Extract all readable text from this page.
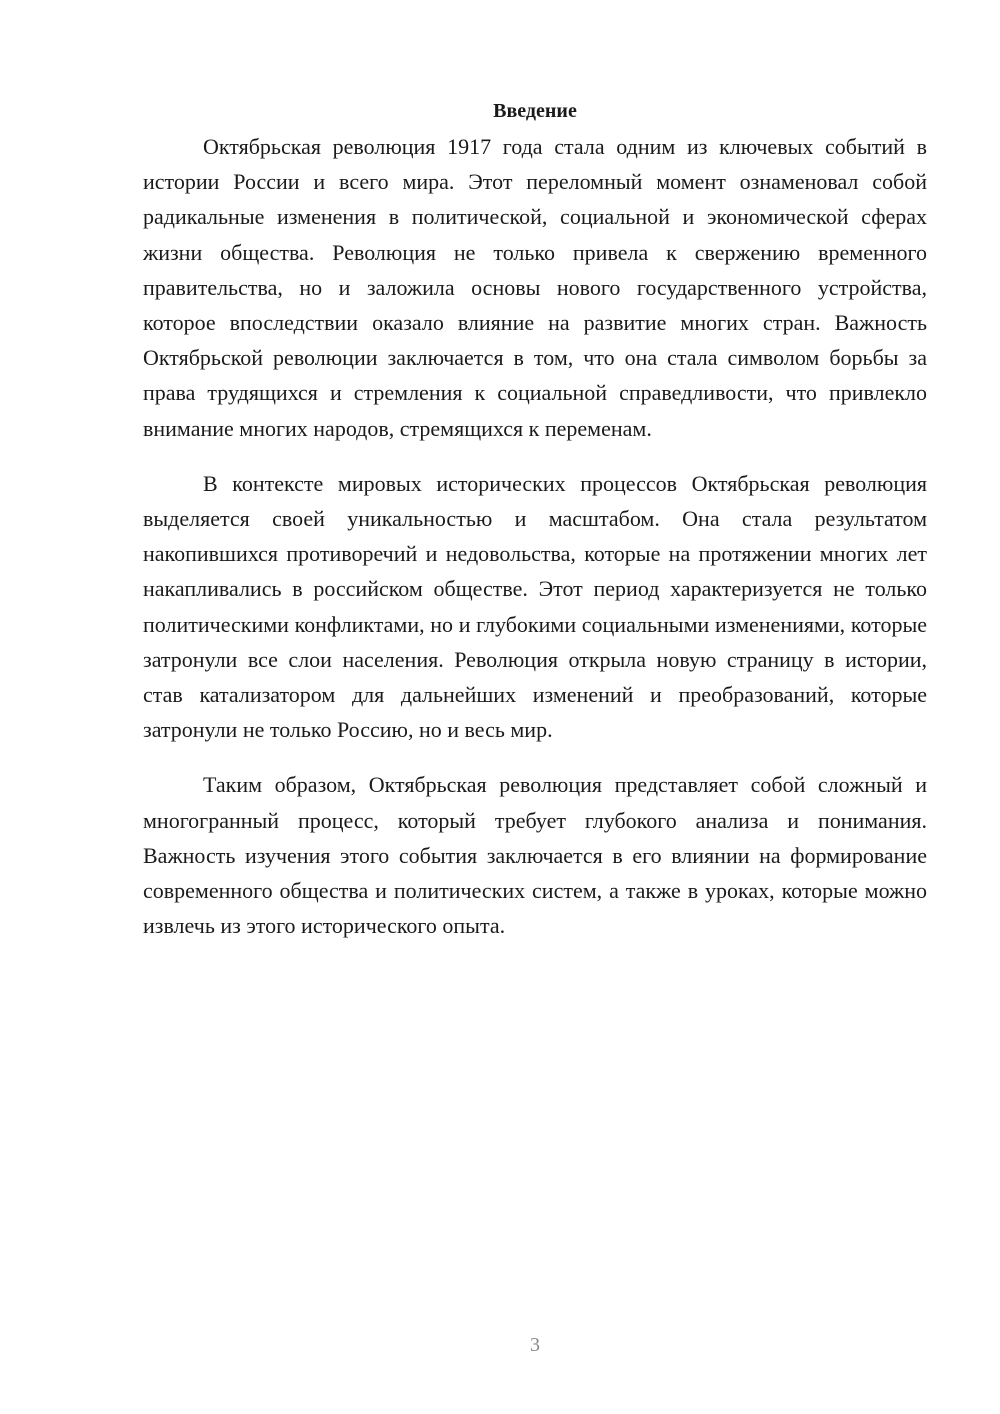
Введение

Октябрьская революция 1917 года стала одним из ключевых событий в истории России и всего мира. Этот переломный момент ознаменовал собой радикальные изменения в политической, социальной и экономической сферах жизни общества. Революция не только привела к свержению временного правительства, но и заложила основы нового государственного устройства, которое впоследствии оказало влияние на развитие многих стран. Важность Октябрьской революции заключается в том, что она стала символом борьбы за права трудящихся и стремления к социальной справедливости, что привлекло внимание многих народов, стремящихся к переменам.

В контексте мировых исторических процессов Октябрьская революция выделяется своей уникальностью и масштабом. Она стала результатом накопившихся противоречий и недовольства, которые на протяжении многих лет накапливались в российском обществе. Этот период характеризуется не только политическими конфликтами, но и глубокими социальными изменениями, которые затронули все слои населения. Революция открыла новую страницу в истории, став катализатором для дальнейших изменений и преобразований, которые затронули не только Россию, но и весь мир.

Таким образом, Октябрьская революция представляет собой сложный и многогранный процесс, который требует глубокого анализа и понимания. Важность изучения этого события заключается в его влиянии на формирование современного общества и политических систем, а также в уроках, которые можно извлечь из этого исторического опыта.

3
